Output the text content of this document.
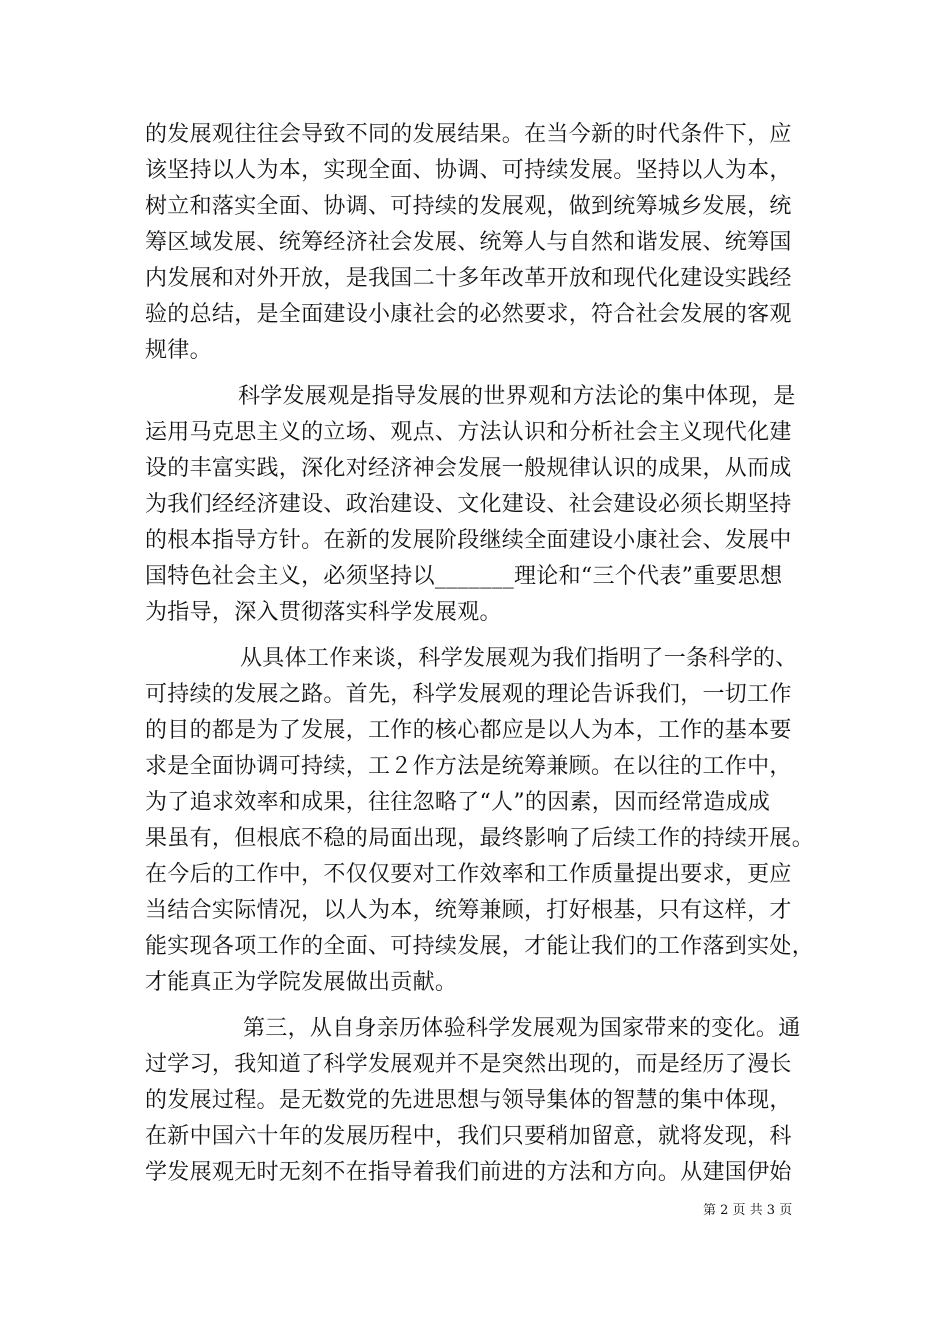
的发展观往往会导致不同的发展结果。在当今新的时代条件下，应
该坚持以人为本，实现全面、协调、可持续发展。坚持以人为本，
树立和落实全面、协调、可持续的发展观，做到统筹城乡发展，统
筹区域发展、统筹经济社会发展、统筹人与自然和谐发展、统筹国
内发展和对外开放，是我国二十多年改革开放和现代化建设实践经
验的总结，是全面建设小康社会的必然要求，符合社会发展的客观
规律。
科学发展观是指导发展的世界观和方法论的集中体现，是
运用马克思主义的立场、观点、方法认识和分析社会主义现代化建
设的丰富实践，深化对经济神会发展一般规律认识的成果，从而成
为我们经经济建设、政治建设、文化建设、社会建设必须长期坚持
的根本指导方针。在新的发展阶段继续全面建设小康社会、发展中
国特色社会主义，必须坚持以_______理论和“三个代表”重要思想
为指导，深入贯彻落实科学发展观。
从具体工作来谈，科学发展观为我们指明了一条科学的、
可持续的发展之路。首先，科学发展观的理论告诉我们，一切工作
的目的都是为了发展，工作的核心都应是以人为本，工作的基本要
求是全面协调可持续，工２作方法是统筹兼顾。在以往的工作中，
为了追求效率和成果，往往忽略了“人”的因素，因而经常造成成
果虽有，但根底不稳的局面出现，最终影响了后续工作的持续开展。
在今后的工作中，不仅仅要对工作效率和工作质量提出要求，更应
当结合实际情况，以人为本，统筹兼顾，打好根基，只有这样，才
能实现各项工作的全面、可持续发展，才能让我们的工作落到实处，
才能真正为学院发展做出贡献。
第三，从自身亲历体验科学发展观为国家带来的变化。通
过学习，我知道了科学发展观并不是突然出现的，而是经历了漫长
的发展过程。是无数党的先进思想与领导集体的智慧的集中体现，
在新中国六十年的发展历程中，我们只要稍加留意，就将发现，科
学发展观无时无刻不在指导着我们前进的方法和方向。从建国伊始
第 2 页 共 3 页
